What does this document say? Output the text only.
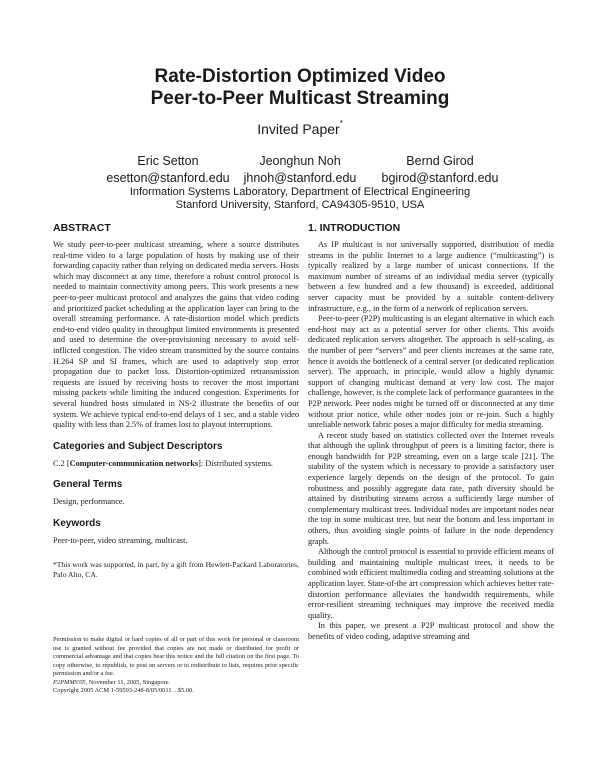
Rate-Distortion Optimized Video
Peer-to-Peer Multicast Streaming
Invited Paper*
Eric Setton
esetton@stanford.edu
Jeonghun Noh
jhnoh@stanford.edu
Bernd Girod
bgirod@stanford.edu
Information Systems Laboratory, Department of Electrical Engineering
Stanford University, Stanford, CA94305-9510, USA
ABSTRACT

We study peer-to-peer multicast streaming, where a source distributes real-time video to a large population of hosts by making use of their forwarding capacity rather than relying on dedicated media servers. Hosts which may disconnect at any time, therefore a robust control protocol is needed to maintain connectivity among peers. This work presents a new peer-to-peer multicast protocol and analyzes the gains that video coding and prioritized packet scheduling at the application layer can bring to the overall streaming performance. A rate-distortion model which predicts end-to-end video quality in throughput limited environments is presented and used to determine the over-provisioning necessary to avoid self-inflicted congestion. The video stream transmitted by the source contains H.264 SP and SI frames, which are used to adaptively stop error propagation due to packet loss. Distortion-optimized retransmission requests are issued by receiving hosts to recover the most important missing packets while limiting the induced congestion. Experiments for several hundred hosts simulated in NS-2 illustrate the benefits of our system. We achieve typical end-to-end delays of 1 sec, and a stable video quality with less than 2.5% of frames lost to playout interruptions.

Categories and Subject Descriptors

C.2 [Computer-communication networks]: Distributed systems.

General Terms

Design, performance.

Keywords

Peer-to-peer, video streaming, multicast.

*This work was supported, in part, by a gift from Hewlett-Packard Laboratories, Palo Alto, CA.

Permission to make digital or hard copies of all or part of this work for personal or classroom use is granted without fee provided that copies are not made or distributed for profit or commercial advantage and that copies bear this notice and the full citation on the first page. To copy otherwise, to republish, to post on servers or to redistribute to lists, requires prior specific permission and/or a fee.
P2PMMS'05, November 11, 2005, Singapore.
Copyright 2005 ACM 1-59593-248-8/05/0011 ...$5.00.
1. INTRODUCTION

As IP multicast is not universally supported, distribution of media streams in the public Internet to a large audience (“multicasting”) is typically realized by a large number of unicast connections. If the maximum number of streams of an individual media server (typically between a few hundred and a few thousand) is exceeded, additional server capacity must be provided by a suitable content-delivery infrastructure, e.g., in the form of a network of replication servers.

Peer-to-peer (P2P) multicasting is an elegant alternative in which each end-host may act as a potential server for other clients. This avoids dedicated replication servers altogether. The approach is self-scaling, as the number of peer “servers” and peer clients increases at the same rate, hence it avoids the bottleneck of a central server (or dedicated replication server). The approach, in principle, would allow a highly dynamic support of changing multicast demand at very low cost. The major challenge, however, is the complete lack of performance guarantees in the P2P network. Peer nodes might be turned off or disconnected at any time without prior notice, while other nodes join or re-join. Such a highly unreliable network fabric poses a major difficulty for media streaming.

A recent study based on statistics collected over the Internet reveals that although the uplink throughput of peers is a limiting factor, there is enough bandwidth for P2P streaming, even on a large scale [21]. The stability of the system which is necessary to provide a satisfactory user experience largely depends on the design of the protocol. To gain robustness and possibly aggregate data rate, path diversity should be attained by distributing streams across a sufficiently large number of complementary multicast trees. Individual nodes are important nodes near the top in some multicast tree, but near the bottom and less important in others, thus avoiding single points of failure in the node dependency graph.

Although the control protocol is essential to provide efficient means of building and maintaining multiple multicast trees, it needs to be combined with efficient multimedia coding and streaming solutions at the application layer. State-of-the art compression which achieves better rate-distortion performance alleviates the bandwidth requirements, while error-resilient streaming techniques may improve the received media quality.

In this paper, we present a P2P multicast protocol and show the benefits of video coding, adaptive streaming and
